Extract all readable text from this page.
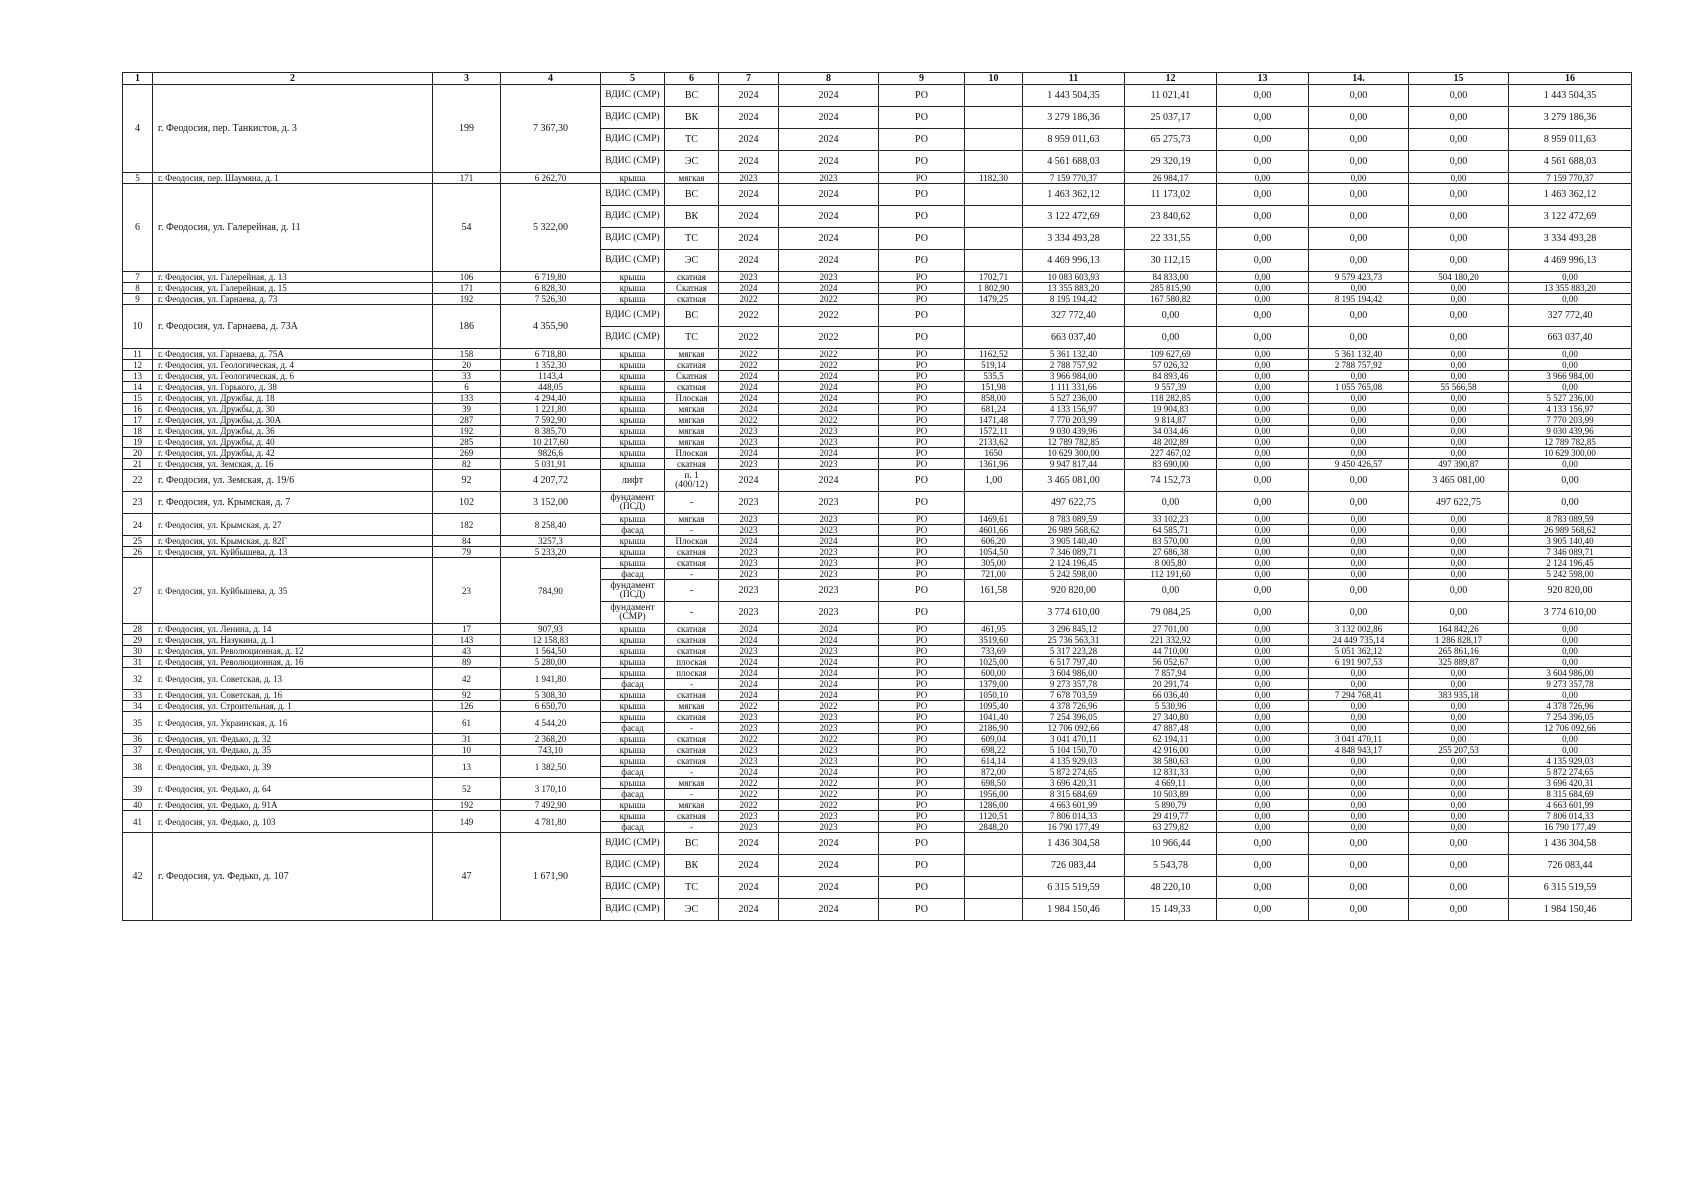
1	2	3	4	5	6	7	8	9	10	11	12	13	14.	15	16
4	г. Феодосия, пер. Танкистов, д. 3	199	7 367,30	ВДИС (СМР)	ВС	2024	2024	РО		1 443 504,35	11 021,41	0,00	0,00	0,00	1 443 504,35
				ВДИС (СМР)	ВК	2024	2024	РО		3 279 186,36	25 037,17	0,00	0,00	0,00	3 279 186,36
				ВДИС (СМР)	ТС	2024	2024	РО		8 959 011,63	65 275,73	0,00	0,00	0,00	8 959 011,63
				ВДИС (СМР)	ЭС	2024	2024	РО		4 561 688,03	29 320,19	0,00	0,00	0,00	4 561 688,03
5	г. Феодосия, пер. Шаумяна, д. 1	171	6 262,70	крыша	мягкая	2023	2023	РО	1182,30	7 159 770,37	26 984,17	0,00	0,00	0,00	7 159 770,37
6	г. Феодосия, ул. Галерейная, д. 11	54	5 322,00	ВДИС (СМР)	ВС	2024	2024	РО		1 463 362,12	11 173,02	0,00	0,00	0,00	1 463 362,12
				ВДИС (СМР)	ВК	2024	2024	РО		3 122 472,69	23 840,62	0,00	0,00	0,00	3 122 472,69
				ВДИС (СМР)	ТС	2024	2024	РО		3 334 493,28	22 331,55	0,00	0,00	0,00	3 334 493,28
				ВДИС (СМР)	ЭС	2024	2024	РО		4 469 996,13	30 112,15	0,00	0,00	0,00	4 469 996,13
7	г. Феодосия, ул. Галерейная, д. 13	106	6 719,80	крыша	скатная	2023	2023	РО	1702,71	10 083 603,93	84 833,00	0,00	9 579 423,73	504 180,20	0,00
8	г. Феодосия, ул. Галерейная, д. 15	171	6 828,30	крыша	Скатная	2024	2024	РО	1 802,90	13 355 883,20	285 815,90	0,00	0,00	0,00	13 355 883,20
9	г. Феодосия, ул. Гарнаева, д. 73	192	7 526,30	крыша	скатная	2022	2022	РО	1479,25	8 195 194,42	167 580,82	0,00	8 195 194,42	0,00	0,00
10	г. Феодосия, ул. Гарнаева, д. 73А	186	4 355,90	ВДИС (СМР)	ВС	2022	2022	РО		327 772,40	0,00	0,00	0,00	0,00	327 772,40
				ВДИС (СМР)	ТС	2022	2022	РО		663 037,40	0,00	0,00	0,00	0,00	663 037,40
11	г. Феодосия, ул. Гарнаева, д. 75А	158	6 718,80	крыша	мягкая	2022	2022	РО	1162,52	5 361 132,40	109 627,69	0,00	5 361 132,40	0,00	0,00
12	г. Феодосия, ул. Геологическая, д. 4	20	1 352,30	крыша	скатная	2022	2022	РО	519,14	2 788 757,92	57 026,32	0,00	2 788 757,92	0,00	0,00
13	г. Феодосия, ул. Геологическая, д. 6	33	1143,4	крыша	Скатная	2024	2024	РО	535,5	3 966 984,00	84 893,46	0,00	0,00	0,00	3 966 984,00
14	г. Феодосия, ул. Горького, д. 38	6	448,05	крыша	скатная	2024	2024	РО	151,98	1 111 331,66	9 557,39	0,00	1 055 765,08	55 566,58	0,00
15	г. Феодосия, ул. Дружбы, д. 18	133	4 294,40	крыша	Плоская	2024	2024	РО	858,00	5 527 236,00	118 282,85	0,00	0,00	0,00	5 527 236,00
16	г. Феодосия, ул. Дружбы, д. 30	39	1 221,80	крыша	мягкая	2024	2024	РО	681,24	4 133 156,97	19 904,83	0,00	0,00	0,00	4 133 156,97
17	г. Феодосия, ул. Дружбы, д. 30А	287	7 592,90	крыша	мягкая	2022	2022	РО	1471,48	7 770 203,99	9 814,87	0,00	0,00	0,00	7 770 203,99
18	г. Феодосия, ул. Дружбы, д. 36	192	8 385,70	крыша	мягкая	2023	2023	РО	1572,11	9 030 439,96	34 034,46	0,00	0,00	0,00	9 030 439,96
19	г. Феодосия, ул. Дружбы, д. 40	285	10 217,60	крыша	мягкая	2023	2023	РО	2133,62	12 789 782,85	48 202,89	0,00	0,00	0,00	12 789 782,85
20	г. Феодосия, ул. Дружбы, д. 42	269	9826,6	крыша	Плоская	2024	2024	РО	1650	10 629 300,00	227 467,02	0,00	0,00	0,00	10 629 300,00
21	г. Феодосия, ул. Земская, д. 16	82	5 031,91	крыша	скатная	2023	2023	РО	1361,96	9 947 817,44	83 690,00	0,00	9 450 426,57	497 390,87	0,00
22	г. Феодосия, ул. Земская, д. 19/6	92	4 207,72	лифт	п. 1 (400/12)	2024	2024	РО	1,00	3 465 081,00	74 152,73	0,00	0,00	3 465 081,00	0,00
23	г. Феодосия, ул. Крымская, д. 7	102	3 152,00	фундамент (ПСД)	-	2023	2023	РО		497 622,75	0,00	0,00	0,00	497 622,75	0,00
24	г. Феодосия, ул. Крымская, д. 27	182	8 258,40	крыша	мягкая	2023	2023	РО	1469,61	8 783 089,59	33 102,23	0,00	0,00	0,00	8 783 089,59
				фасад	-	2023	2023	РО	4601,66	26 989 568,62	64 585,71	0,00	0,00	0,00	26 989 568,62
25	г. Феодосия, ул. Крымская, д. 82Г	84	3257,3	крыша	Плоская	2024	2024	РО	606,20	3 905 140,40	83 570,00	0,00	0,00	0,00	3 905 140,40
26	г. Феодосия, ул. Куйбышева, д. 13	79	5 233,20	крыша	скатная	2023	2023	РО	1054,50	7 346 089,71	27 686,38	0,00	0,00	0,00	7 346 089,71
27	г. Феодосия, ул. Куйбышева, д. 35	23	784,90	крыша	скатная	2023	2023	РО	305,00	2 124 196,45	8 005,80	0,00	0,00	0,00	2 124 196,45
				фасад	-	2023	2023	РО	721,00	5 242 598,00	112 191,60	0,00	0,00	0,00	5 242 598,00
				фундамент (ПСД)	-	2023	2023	РО	161,58	920 820,00	0,00	0,00	0,00	0,00	920 820,00
				фундамент (СМР)	-	2023	2023	РО		3 774 610,00	79 084,25	0,00	0,00	0,00	3 774 610,00
28	г. Феодосия, ул. Ленина, д. 14	17	907,93	крыша	скатная	2024	2024	РО	461,95	3 296 845,12	27 701,00	0,00	3 132 002,86	164 842,26	0,00
29	г. Феодосия, ул. Назукина, д. 1	143	12 158,83	крыша	скатная	2024	2024	РО	3519,60	25 736 563,31	221 332,92	0,00	24 449 735,14	1 286 828,17	0,00
30	г. Феодосия, ул. Революционная, д. 12	43	1 564,50	крыша	скатная	2023	2023	РО	733,69	5 317 223,28	44 710,00	0,00	5 051 362,12	265 861,16	0,00
31	г. Феодосия, ул. Революционная, д. 16	89	5 280,00	крыша	плоская	2024	2024	РО	1025,00	6 517 797,40	56 052,67	0,00	6 191 907,53	325 889,87	0,00
32	г. Феодосия, ул. Советская, д. 13	42	1 941,80	крыша	плоская	2024	2024	РО	600,00	3 604 986,00	7 857,94	0,00	0,00	0,00	3 604 986,00
				фасад	-	2024	2024	РО	1379,00	9 273 357,78	20 291,74	0,00	0,00	0,00	9 273 357,78
33	г. Феодосия, ул. Советская, д. 16	92	5 308,30	крыша	скатная	2024	2024	РО	1050,10	7 678 703,59	66 036,40	0,00	7 294 768,41	383 935,18	0,00
34	г. Феодосия, ул. Строительная, д. 1	126	6 650,70	крыша	мягкая	2022	2022	РО	1095,40	4 378 726,96	5 530,96	0,00	0,00	0,00	4 378 726,96
35	г. Феодосия, ул. Украинская, д. 16	61	4 544,20	крыша	скатная	2023	2023	РО	1041,40	7 254 396,05	27 340,80	0,00	0,00	0,00	7 254 396,05
				фасад	-	2023	2023	РО	2186,90	12 706 092,66	47 887,48	0,00	0,00	0,00	12 706 092,66
36	г. Феодосия, ул. Федько, д. 32	31	2 368,20	крыша	скатная	2022	2022	РО	609,04	3 041 470,11	62 194,11	0,00	3 041 470,11	0,00	0,00
37	г. Феодосия, ул. Федько, д. 35	10	743,10	крыша	скатная	2023	2023	РО	698,22	5 104 150,70	42 916,00	0,00	4 848 943,17	255 207,53	0,00
38	г. Феодосия, ул. Федько, д. 39	13	1 382,50	крыша	скатная	2023	2023	РО	614,14	4 135 929,03	38 580,63	0,00	0,00	0,00	4 135 929,03
				фасад	-	2024	2024	РО	872,00	5 872 274,65	12 831,33	0,00	0,00	0,00	5 872 274,65
39	г. Феодосия, ул. Федько, д. 64	52	3 170,10	крыша	мягкая	2022	2022	РО	698,50	3 696 420,31	4 669,11	0,00	0,00	0,00	3 696 420,31
				фасад	-	2022	2022	РО	1956,00	8 315 684,69	10 503,89	0,00	0,00	0,00	8 315 684,69
40	г. Феодосия, ул. Федько, д. 91А	192	7 492,90	крыша	мягкая	2022	2022	РО	1286,00	4 663 601,99	5 890,79	0,00	0,00	0,00	4 663 601,99
41	г. Феодосия, ул. Федько, д. 103	149	4 781,80	крыша	скатная	2023	2023	РО	1120,51	7 806 014,33	29 419,77	0,00	0,00	0,00	7 806 014,33
				фасад	-	2023	2023	РО	2848,20	16 790 177,49	63 279,82	0,00	0,00	0,00	16 790 177,49
42	г. Феодосия, ул. Федько, д. 107	47	1 671,90	ВДИС (СМР)	ВС	2024	2024	РО		1 436 304,58	10 966,44	0,00	0,00	0,00	1 436 304,58
				ВДИС (СМР)	ВК	2024	2024	РО		726 083,44	5 543,78	0,00	0,00	0,00	726 083,44
				ВДИС (СМР)	ТС	2024	2024	РО		6 315 519,59	48 220,10	0,00	0,00	0,00	6 315 519,59
				ВДИС (СМР)	ЭС	2024	2024	РО		1 984 150,46	15 149,33	0,00	0,00	0,00	1 984 150,46
